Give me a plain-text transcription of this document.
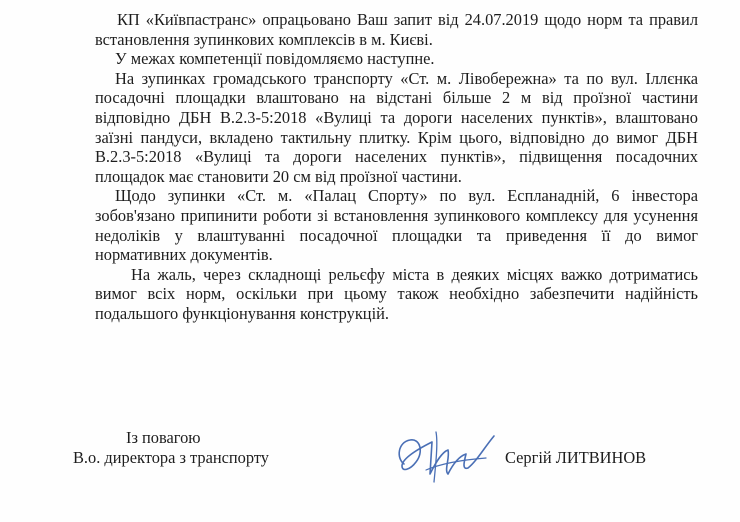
КП «Київпастранс» опрацьовано Ваш запит від 24.07.2019 щодо норм та правил встановлення зупинкових комплексів в м. Києві.

У межах компетенції повідомляємо наступне.

На зупинках громадського транспорту «Ст. м. Лівобережна» та по вул. Іллєнка посадочні площадки влаштовано на відстані більше 2 м від проїзної частини відповідно ДБН В.2.3-5:2018 «Вулиці та дороги населених пунктів», влаштовано заїзні пандуси, вкладено тактильну плитку. Крім цього, відповідно до вимог ДБН В.2.3-5:2018 «Вулиці та дороги населених пунктів», підвищення посадочних площадок має становити 20 см від проїзної частини.

Щодо зупинки «Ст. м. «Палац Спорту» по вул. Еспланадній, 6 інвестора зобов'язано припинити роботи зі встановлення зупинкового комплексу для усунення недоліків у влаштуванні посадочної площадки та приведення її до вимог нормативних документів.

На жаль, через складнощі рельєфу міста в деяких місцях важко дотриматись вимог всіх норм, оскільки при цьому також необхідно забезпечити надійність подальшого функціонування конструкцій.

Із повагою
В.о. директора з транспорту	Сергій ЛИТВИНОВ
